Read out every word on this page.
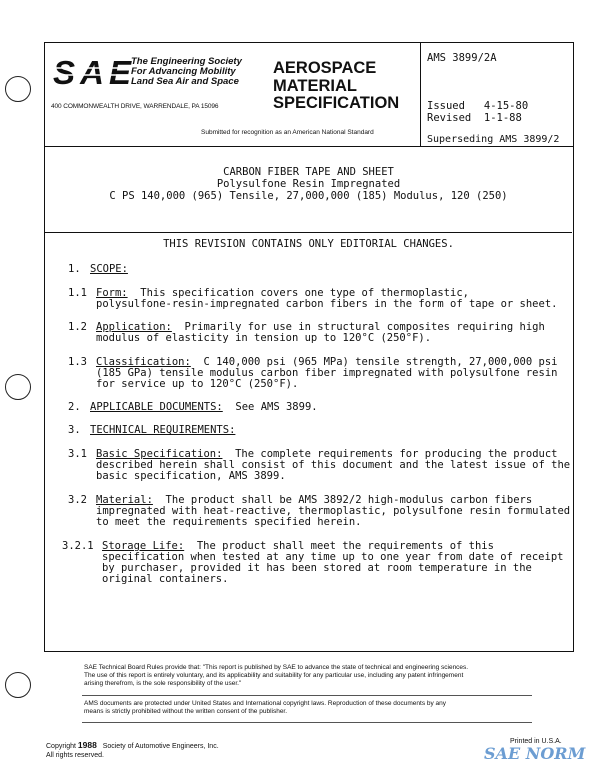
SAE The Engineering Society
For Advancing Mobility
Land Sea Air and Space
400 COMMONWEALTH DRIVE, WARRENDALE, PA 15096
AEROSPACE
MATERIAL
SPECIFICATION
Submitted for recognition as an American National Standard
AMS 3899/2A
Issued   4-15-80
Revised  1-1-88
Superseding AMS 3899/2
CARBON FIBER TAPE AND SHEET
Polysulfone Resin Impregnated
C PS 140,000 (965) Tensile, 27,000,000 (185) Modulus, 120 (250)
THIS REVISION CONTAINS ONLY EDITORIAL CHANGES.
1. SCOPE:
1.1 Form:  This specification covers one type of thermoplastic,
polysulfone-resin-impregnated carbon fibers in the form of tape or sheet.
1.2 Application:  Primarily for use in structural composites requiring high
modulus of elasticity in tension up to 120°C (250°F).
1.3 Classification:  C 140,000 psi (965 MPa) tensile strength, 27,000,000 psi
(185 GPa) tensile modulus carbon fiber impregnated with polysulfone resin
for service up to 120°C (250°F).
2. APPLICABLE DOCUMENTS:  See AMS 3899.
3. TECHNICAL REQUIREMENTS:
3.1 Basic Specification:  The complete requirements for producing the product
described herein shall consist of this document and the latest issue of the
basic specification, AMS 3899.
3.2 Material:  The product shall be AMS 3892/2 high-modulus carbon fibers
impregnated with heat-reactive, thermoplastic, polysulfone resin formulated
to meet the requirements specified herein.
3.2.1 Storage Life:  The product shall meet the requirements of this
specification when tested at any time up to one year from date of receipt
by purchaser, provided it has been stored at room temperature in the
original containers.
SAE Technical Board Rules provide that: "This report is published by SAE to advance the state of technical and engineering sciences.
The use of this report is entirely voluntary, and its applicability and suitability for any particular use, including any patent infringement
arising therefrom, is the sole responsibility of the user."
AMS documents are protected under United States and International copyright laws. Reproduction of these documents by any
means is strictly prohibited without the written consent of the publisher.
Copyright 1988 Society of Automotive Engineers, Inc.
All rights reserved.
Printed in U.S.A.
SAE NORM
